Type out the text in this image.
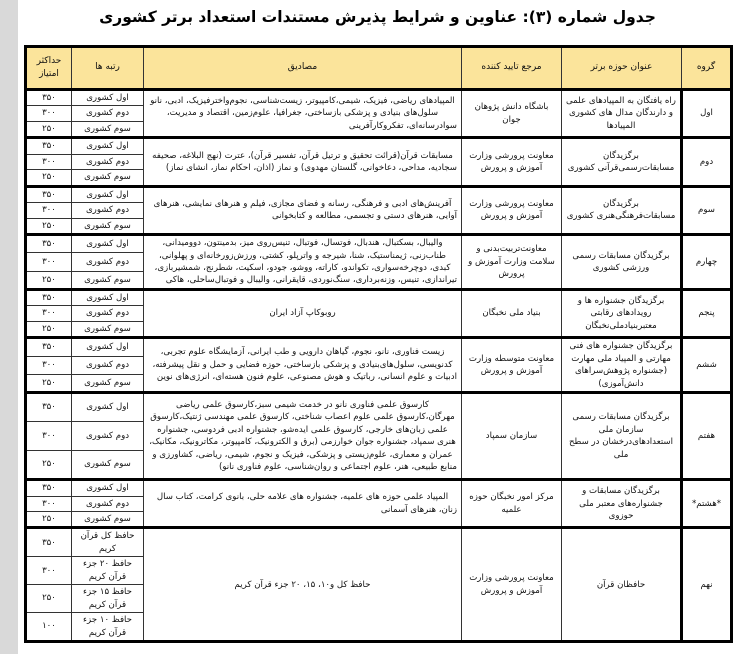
جدول شماره (۳): عناوین و شرایط پذیرش مستندات استعداد برتر کشوری
گروه	عنوان حوزه برتر	مرجع تایید کننده	مصادیق	رتبه ها	حداکثر امتیاز
اول	راه یافتگان به المپیادهای علمی و دارندگان مدال های کشوری المپیادها	باشگاه دانش پژوهان جوان	المپیادهای ریاضی، فیزیک، شیمی،کامپیوتر، زیست‌شناسی، نجوم‌واخترفیزیک، ادبی، نانو سلول‌های بنیادی و پزشکی بازساختی، جغرافیا، علوم‌زمین، اقتصاد و مدیریت، سوادرسانه‌ای، تفکروکارآفرینی	اول کشوری	۳۵۰
				دوم کشوری	۳۰۰
				سوم کشوری	۲۵۰
دوم	برگزیدگان مسابقات‌رسمی‌قرآنی کشوری	معاونت پرورشی وزارت آموزش و پرورش	مسابقات قرآن(قرائت تحقیق و ترتیل قرآن، تفسیر قرآن)، عترت (نهج البلاغه، صحیفه سجادیه، مداحی، دعاخوانی، گلستان مهدوی) و نماز (اذان، احکام نماز، انشای نماز)	اول کشوری	۳۵۰
				دوم کشوری	۳۰۰
				سوم کشوری	۲۵۰
سوم	برگزیدگان مسابقات‌فرهنگی‌هنری کشوری	معاونت پرورشی وزارت آموزش و پرورش	آفرینش‌های ادبی و فرهنگی، رسانه و فضای مجازی، فیلم و هنرهای نمایشی، هنرهای آوایی، هنرهای دستی و تجسمی، مطالعه و کتابخوانی	اول کشوری	۳۵۰
				دوم کشوری	۳۰۰
				سوم کشوری	۲۵۰
چهارم	برگزیدگان مسابقات رسمی ورزشی کشوری	معاونت‌تربیت‌بدنی و سلامت وزارت آموزش و پرورش	والیبال، بسکتبال، هندبال، فوتسال، فوتبال، تنیس‌روی میز، بدمینتون، دوومیدانی، طناب‌زنی، ژیمناستیک، شنا، شیرجه و واترپلو، کشتی، ورزش‌زورخانه‌ای و پهلوانی، کبدی، دوچرخه‌سواری، تکواندو، کاراته، ووشو، جودو، اسکیت، شطرنج، شمشیربازی، تیراندازی، تنیس، وزنه‌برداری، سنگ‌نوردی، قایقرانی، والیبال و فوتبال‌ساحلی، هاکی	اول کشوری	۳۵۰
				دوم کشوری	۳۰۰
				سوم کشوری	۲۵۰
پنجم	برگزیدگان جشنواره ها و رویدادهای رقابتی معتبربنیادملی‌نخبگان	بنیاد ملی نخبگان	روبوکاپ آزاد ایران	اول کشوری	۳۵۰
				دوم کشوری	۳۰۰
				سوم کشوری	۲۵۰
ششم	برگزیدگان جشنواره های فنی مهارتی و المپیاد ملی مهارت (جشنواره پژوهش‌سراهای دانش‌آموزی)	معاونت متوسطه وزارت آموزش و پرورش	زیست فناوری، نانو، نجوم، گیاهان دارویی و طب ایرانی، آزمایشگاه علوم تجربی، کدنویسی، سلول‌های‌بنیادی و پزشکی بازساختی، حوزه فضایی و حمل و نقل پیشرفته، ادبیات و علوم انسانی، رباتیک و هوش مصنوعی، علوم فنون هسته‌ای، انرژی‌های نوین	اول کشوری	۳۵۰
				دوم کشوری	۳۰۰
				سوم کشوری	۲۵۰
هفتم	برگزیدگان مسابقات رسمی سازمان ملی استعدادهای‌درخشان در سطح ملی	سازمان سمپاد	کارسوق علمی فناوری نانو در خدمت شیمی سبز،کارسوق علمی ریاضی مهرگان،کارسوق علمی علوم اعصاب شناختی، کارسوق علمی مهندسی ژنتیک،کارسوق علمی زبان‌های خارجی، کارسوق علمی ایده‌شو، جشنواره ادبی فردوسی، جشنواره هنری سمپاد، جشنواره جوان خوارزمی (برق و الکترونیک، کامپیوتر، مکاترونیک، مکانیک، عمران و معماری، علوم‌زیستی و پزشکی، فیزیک و نجوم، شیمی، ریاضی، کشاورزی و منابع طبیعی، هنر، علوم اجتماعی و روان‌شناسی، علوم فناوری نانو)	اول کشوری	۳۵۰
				دوم کشوری	۳۰۰
				سوم کشوری	۲۵۰
*هشتم*	برگزیدگان مسابقات و جشنواره‌های معتبر ملی حوزوی	مرکز امور نخبگان حوزه علمیه	المپیاد علمی حوزه های علمیه، جشنواره های علامه حلی، بانوی کرامت، کتاب سال زنان، هنرهای آسمانی	اول کشوری	۳۵۰
				دوم کشوری	۳۰۰
				سوم کشوری	۲۵۰
نهم	حافظان قرآن	معاونت پرورشی وزارت آموزش و پرورش	حافظ کل و۱۰، ۱۵، ۲۰ جزء قرآن کریم	حافظ کل قرآن کریم	۳۵۰
				حافظ ۲۰ جزء قرآن کریم	۳۰۰
				حافظ ۱۵ جزء قرآن کریم	۲۵۰
				حافظ ۱۰ جزء قرآن کریم	۱۰۰
